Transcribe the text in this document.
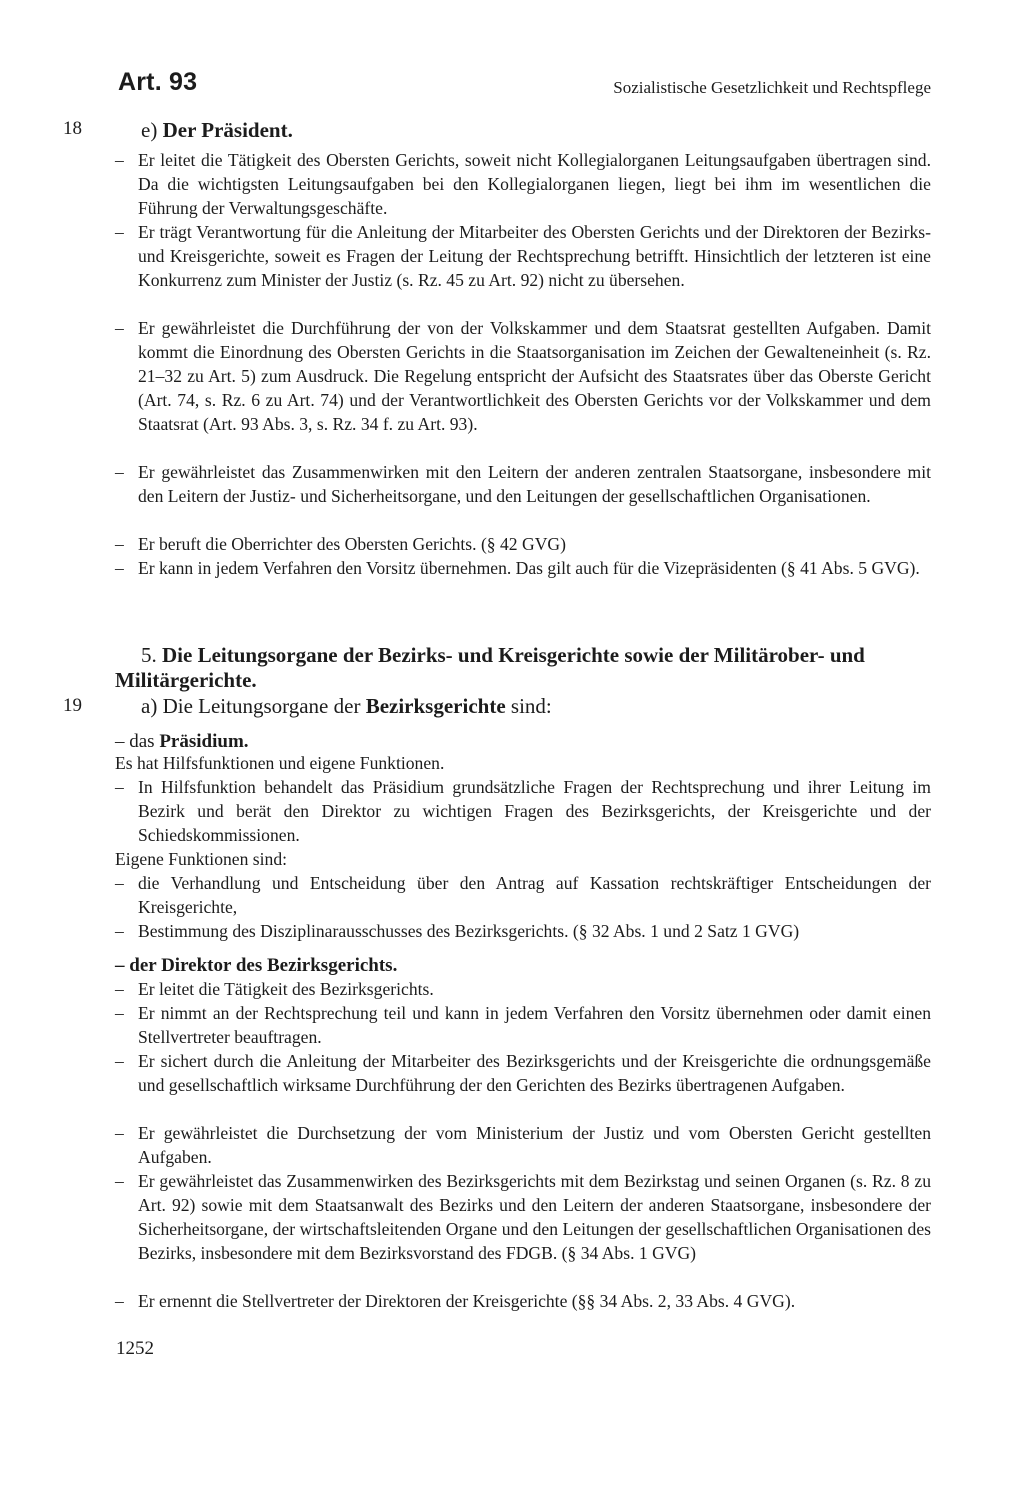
Art. 93	Sozialistische Gesetzlichkeit und Rechtspflege
18	e) Der Präsident.
– Er leitet die Tätigkeit des Obersten Gerichts, soweit nicht Kollegialorganen Leitungsaufgaben übertragen sind. Da die wichtigsten Leitungsaufgaben bei den Kollegialorganen liegen, liegt bei ihm im wesentlichen die Führung der Verwaltungsgeschäfte.
– Er trägt Verantwortung für die Anleitung der Mitarbeiter des Obersten Gerichts und der Direktoren der Bezirks- und Kreisgerichte, soweit es Fragen der Leitung der Rechtsprechung betrifft. Hinsichtlich der letzteren ist eine Konkurrenz zum Minister der Justiz (s. Rz. 45 zu Art. 92) nicht zu übersehen.
– Er gewährleistet die Durchführung der von der Volkskammer und dem Staatsrat gestellten Aufgaben. Damit kommt die Einordnung des Obersten Gerichts in die Staatsorganisation im Zeichen der Gewalteneinheit (s. Rz. 21–32 zu Art. 5) zum Ausdruck. Die Regelung entspricht der Aufsicht des Staatsrates über das Oberste Gericht (Art. 74, s. Rz. 6 zu Art. 74) und der Verantwortlichkeit des Obersten Gerichts vor der Volkskammer und dem Staatsrat (Art. 93 Abs. 3, s. Rz. 34 f. zu Art. 93).
– Er gewährleistet das Zusammenwirken mit den Leitern der anderen zentralen Staatsorgane, insbesondere mit den Leitern der Justiz- und Sicherheitsorgane, und den Leitungen der gesellschaftlichen Organisationen.
– Er beruft die Oberrichter des Obersten Gerichts. (§ 42 GVG)
– Er kann in jedem Verfahren den Vorsitz übernehmen. Das gilt auch für die Vizepräsidenten (§ 41 Abs. 5 GVG).
5. Die Leitungsorgane der Bezirks- und Kreisgerichte sowie der Militärober- und
Militärgerichte.
19	a) Die Leitungsorgane der Bezirksgerichte sind:
– das Präsidium.
Es hat Hilfsfunktionen und eigene Funktionen.
– In Hilfsfunktion behandelt das Präsidium grundsätzliche Fragen der Rechtsprechung und ihrer Leitung im Bezirk und berät den Direktor zu wichtigen Fragen des Bezirksgerichts, der Kreisgerichte und der Schiedskommissionen.
Eigene Funktionen sind:
– die Verhandlung und Entscheidung über den Antrag auf Kassation rechtskräftiger Entscheidungen der Kreisgerichte,
– Bestimmung des Disziplinarausschusses des Bezirksgerichts. (§ 32 Abs. 1 und 2 Satz 1 GVG)
– der Direktor des Bezirksgerichts.
– Er leitet die Tätigkeit des Bezirksgerichts.
– Er nimmt an der Rechtsprechung teil und kann in jedem Verfahren den Vorsitz übernehmen oder damit einen Stellvertreter beauftragen.
– Er sichert durch die Anleitung der Mitarbeiter des Bezirksgerichts und der Kreisgerichte die ordnungsgemäße und gesellschaftlich wirksame Durchführung der den Gerichten des Bezirks übertragenen Aufgaben.
– Er gewährleistet die Durchsetzung der vom Ministerium der Justiz und vom Obersten Gericht gestellten Aufgaben.
– Er gewährleistet das Zusammenwirken des Bezirksgerichts mit dem Bezirkstag und seinen Organen (s. Rz. 8 zu Art. 92) sowie mit dem Staatsanwalt des Bezirks und den Leitern der anderen Staatsorgane, insbesondere der Sicherheitsorgane, der wirtschaftsleitenden Organe und den Leitungen der gesellschaftlichen Organisationen des Bezirks, insbesondere mit dem Bezirksvorstand des FDGB. (§ 34 Abs. 1 GVG)
– Er ernennt die Stellvertreter der Direktoren der Kreisgerichte (§§ 34 Abs. 2, 33 Abs. 4 GVG).
1252
